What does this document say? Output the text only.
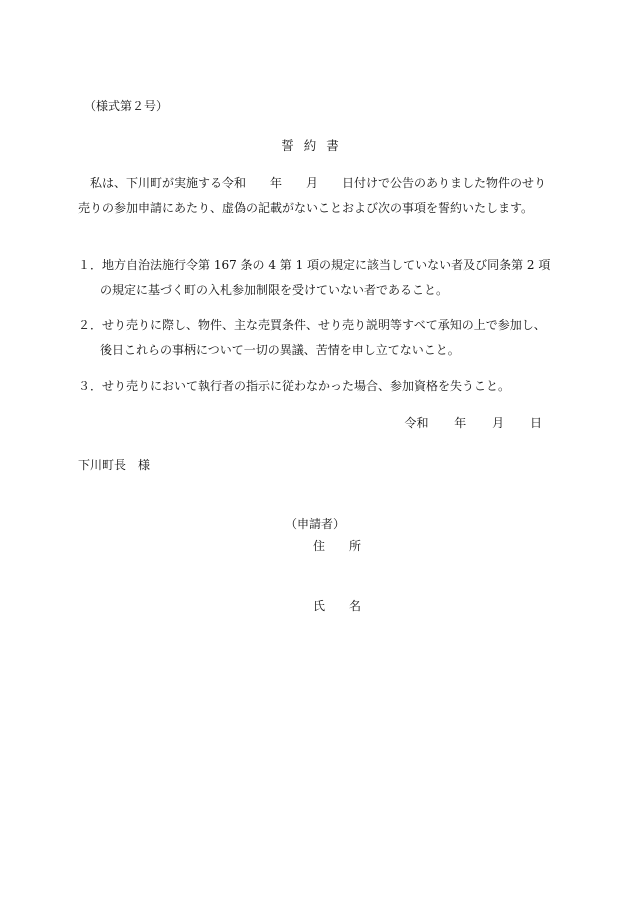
（様式第２号）
誓約書
私は、下川町が実施する令和　　年　　月　　日付けで公告のありました物件のせり売りの参加申請にあたり、虚偽の記載がないことおよび次の事項を誓約いたします。
１．地方自治法施行令第 167 条の 4 第 1 項の規定に該当していない者及び同条第 2 項の規定に基づく町の入札参加制限を受けていない者であること。
２．せり売りに際し、物件、主な売買条件、せり売り説明等すべて承知の上で参加し、後日これらの事柄について一切の異議、苦情を申し立てないこと。
３．せり売りにおいて執行者の指示に従わなかった場合、参加資格を失うこと。
令和 年 月 日
下川町長　様
（申請者）
住　　所
氏　　名
